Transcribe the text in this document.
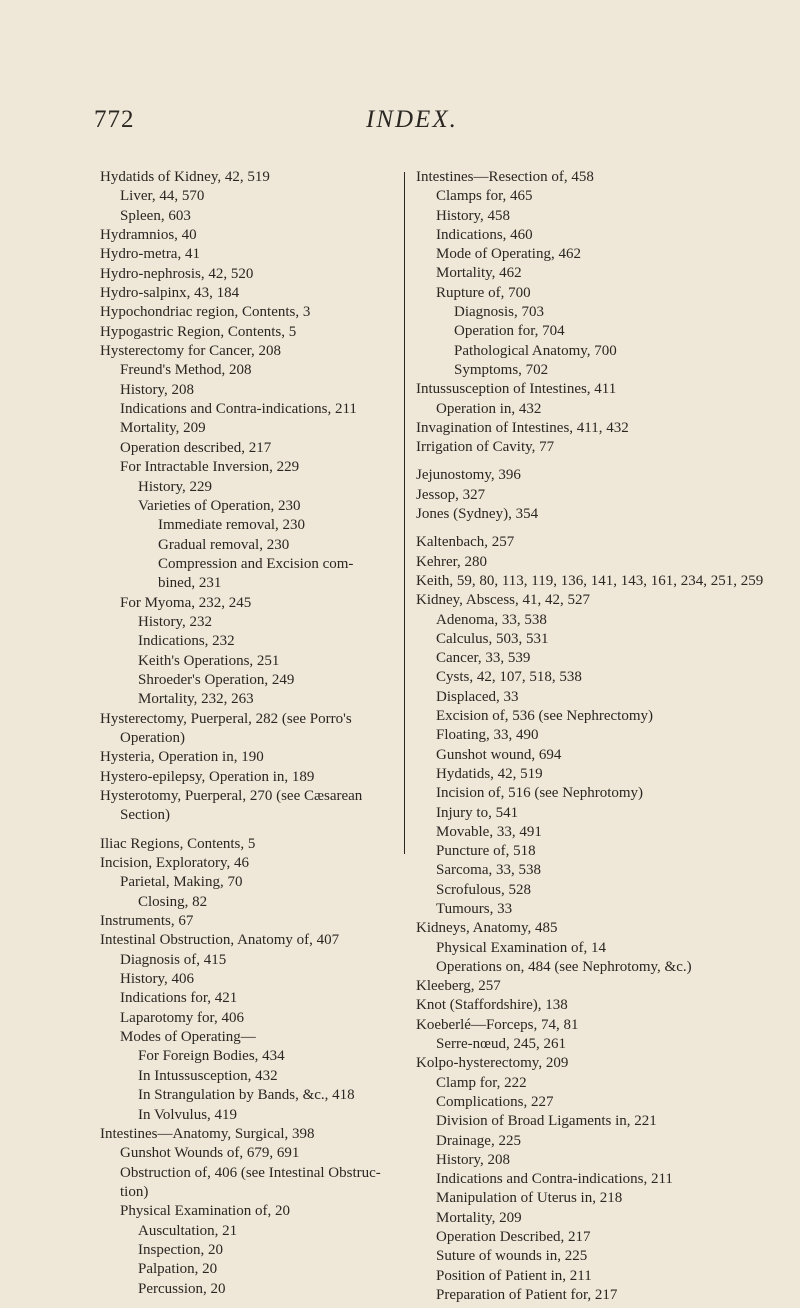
772	INDEX.
Hydatids of Kidney, 42, 519
Liver, 44, 570
Spleen, 603
Hydramnios, 40
Hydro-metra, 41
Hydro-nephrosis, 42, 520
Hydro-salpinx, 43, 184
Hypochondriac region, Contents, 3
Hypogastric Region, Contents, 5
Hysterectomy for Cancer, 208
Freund's Method, 208
History, 208
Indications and Contra-indications, 211
Mortality, 209
Operation described, 217
For Intractable Inversion, 229
History, 229
Varieties of Operation, 230
Immediate removal, 230
Gradual removal, 230
Compression and Excision com-
bined, 231
For Myoma, 232, 245
History, 232
Indications, 232
Keith's Operations, 251
Shroeder's Operation, 249
Mortality, 232, 263
Hysterectomy, Puerperal, 282 (see Porro's
Operation)
Hysteria, Operation in, 190
Hystero-epilepsy, Operation in, 189
Hysterotomy, Puerperal, 270 (see Cæsarean
Section)
Iliac Regions, Contents, 5
Incision, Exploratory, 46
Parietal, Making, 70
Closing, 82
Instruments, 67
Intestinal Obstruction, Anatomy of, 407
Diagnosis of, 415
History, 406
Indications for, 421
Laparotomy for, 406
Modes of Operating—
For Foreign Bodies, 434
In Intussusception, 432
In Strangulation by Bands, &c., 418
In Volvulus, 419
Intestines—Anatomy, Surgical, 398
Gunshot Wounds of, 679, 691
Obstruction of, 406 (see Intestinal Obstruc-
tion)
Physical Examination of, 20
Auscultation, 21
Inspection, 20
Palpation, 20
Percussion, 20
Intestines—Resection of, 458
Clamps for, 465
History, 458
Indications, 460
Mode of Operating, 462
Mortality, 462
Rupture of, 700
Diagnosis, 703
Operation for, 704
Pathological Anatomy, 700
Symptoms, 702
Intussusception of Intestines, 411
Operation in, 432
Invagination of Intestines, 411, 432
Irrigation of Cavity, 77
Jejunostomy, 396
Jessop, 327
Jones (Sydney), 354
Kaltenbach, 257
Kehrer, 280
Keith, 59, 80, 113, 119, 136, 141, 143, 161, 234, 251, 259
Kidney, Abscess, 41, 42, 527
Adenoma, 33, 538
Calculus, 503, 531
Cancer, 33, 539
Cysts, 42, 107, 518, 538
Displaced, 33
Excision of, 536 (see Nephrectomy)
Floating, 33, 490
Gunshot wound, 694
Hydatids, 42, 519
Incision of, 516 (see Nephrotomy)
Injury to, 541
Movable, 33, 491
Puncture of, 518
Sarcoma, 33, 538
Scrofulous, 528
Tumours, 33
Kidneys, Anatomy, 485
Physical Examination of, 14
Operations on, 484 (see Nephrotomy, &c.)
Kleeberg, 257
Knot (Staffordshire), 138
Koeberlé—Forceps, 74, 81
Serre-nœud, 245, 261
Kolpo-hysterectomy, 209
Clamp for, 222
Complications, 227
Division of Broad Ligaments in, 221
Drainage, 225
History, 208
Indications and Contra-indications, 211
Manipulation of Uterus in, 218
Mortality, 209
Operation Described, 217
Suture of wounds in, 225
Position of Patient in, 211
Preparation of Patient for, 217
